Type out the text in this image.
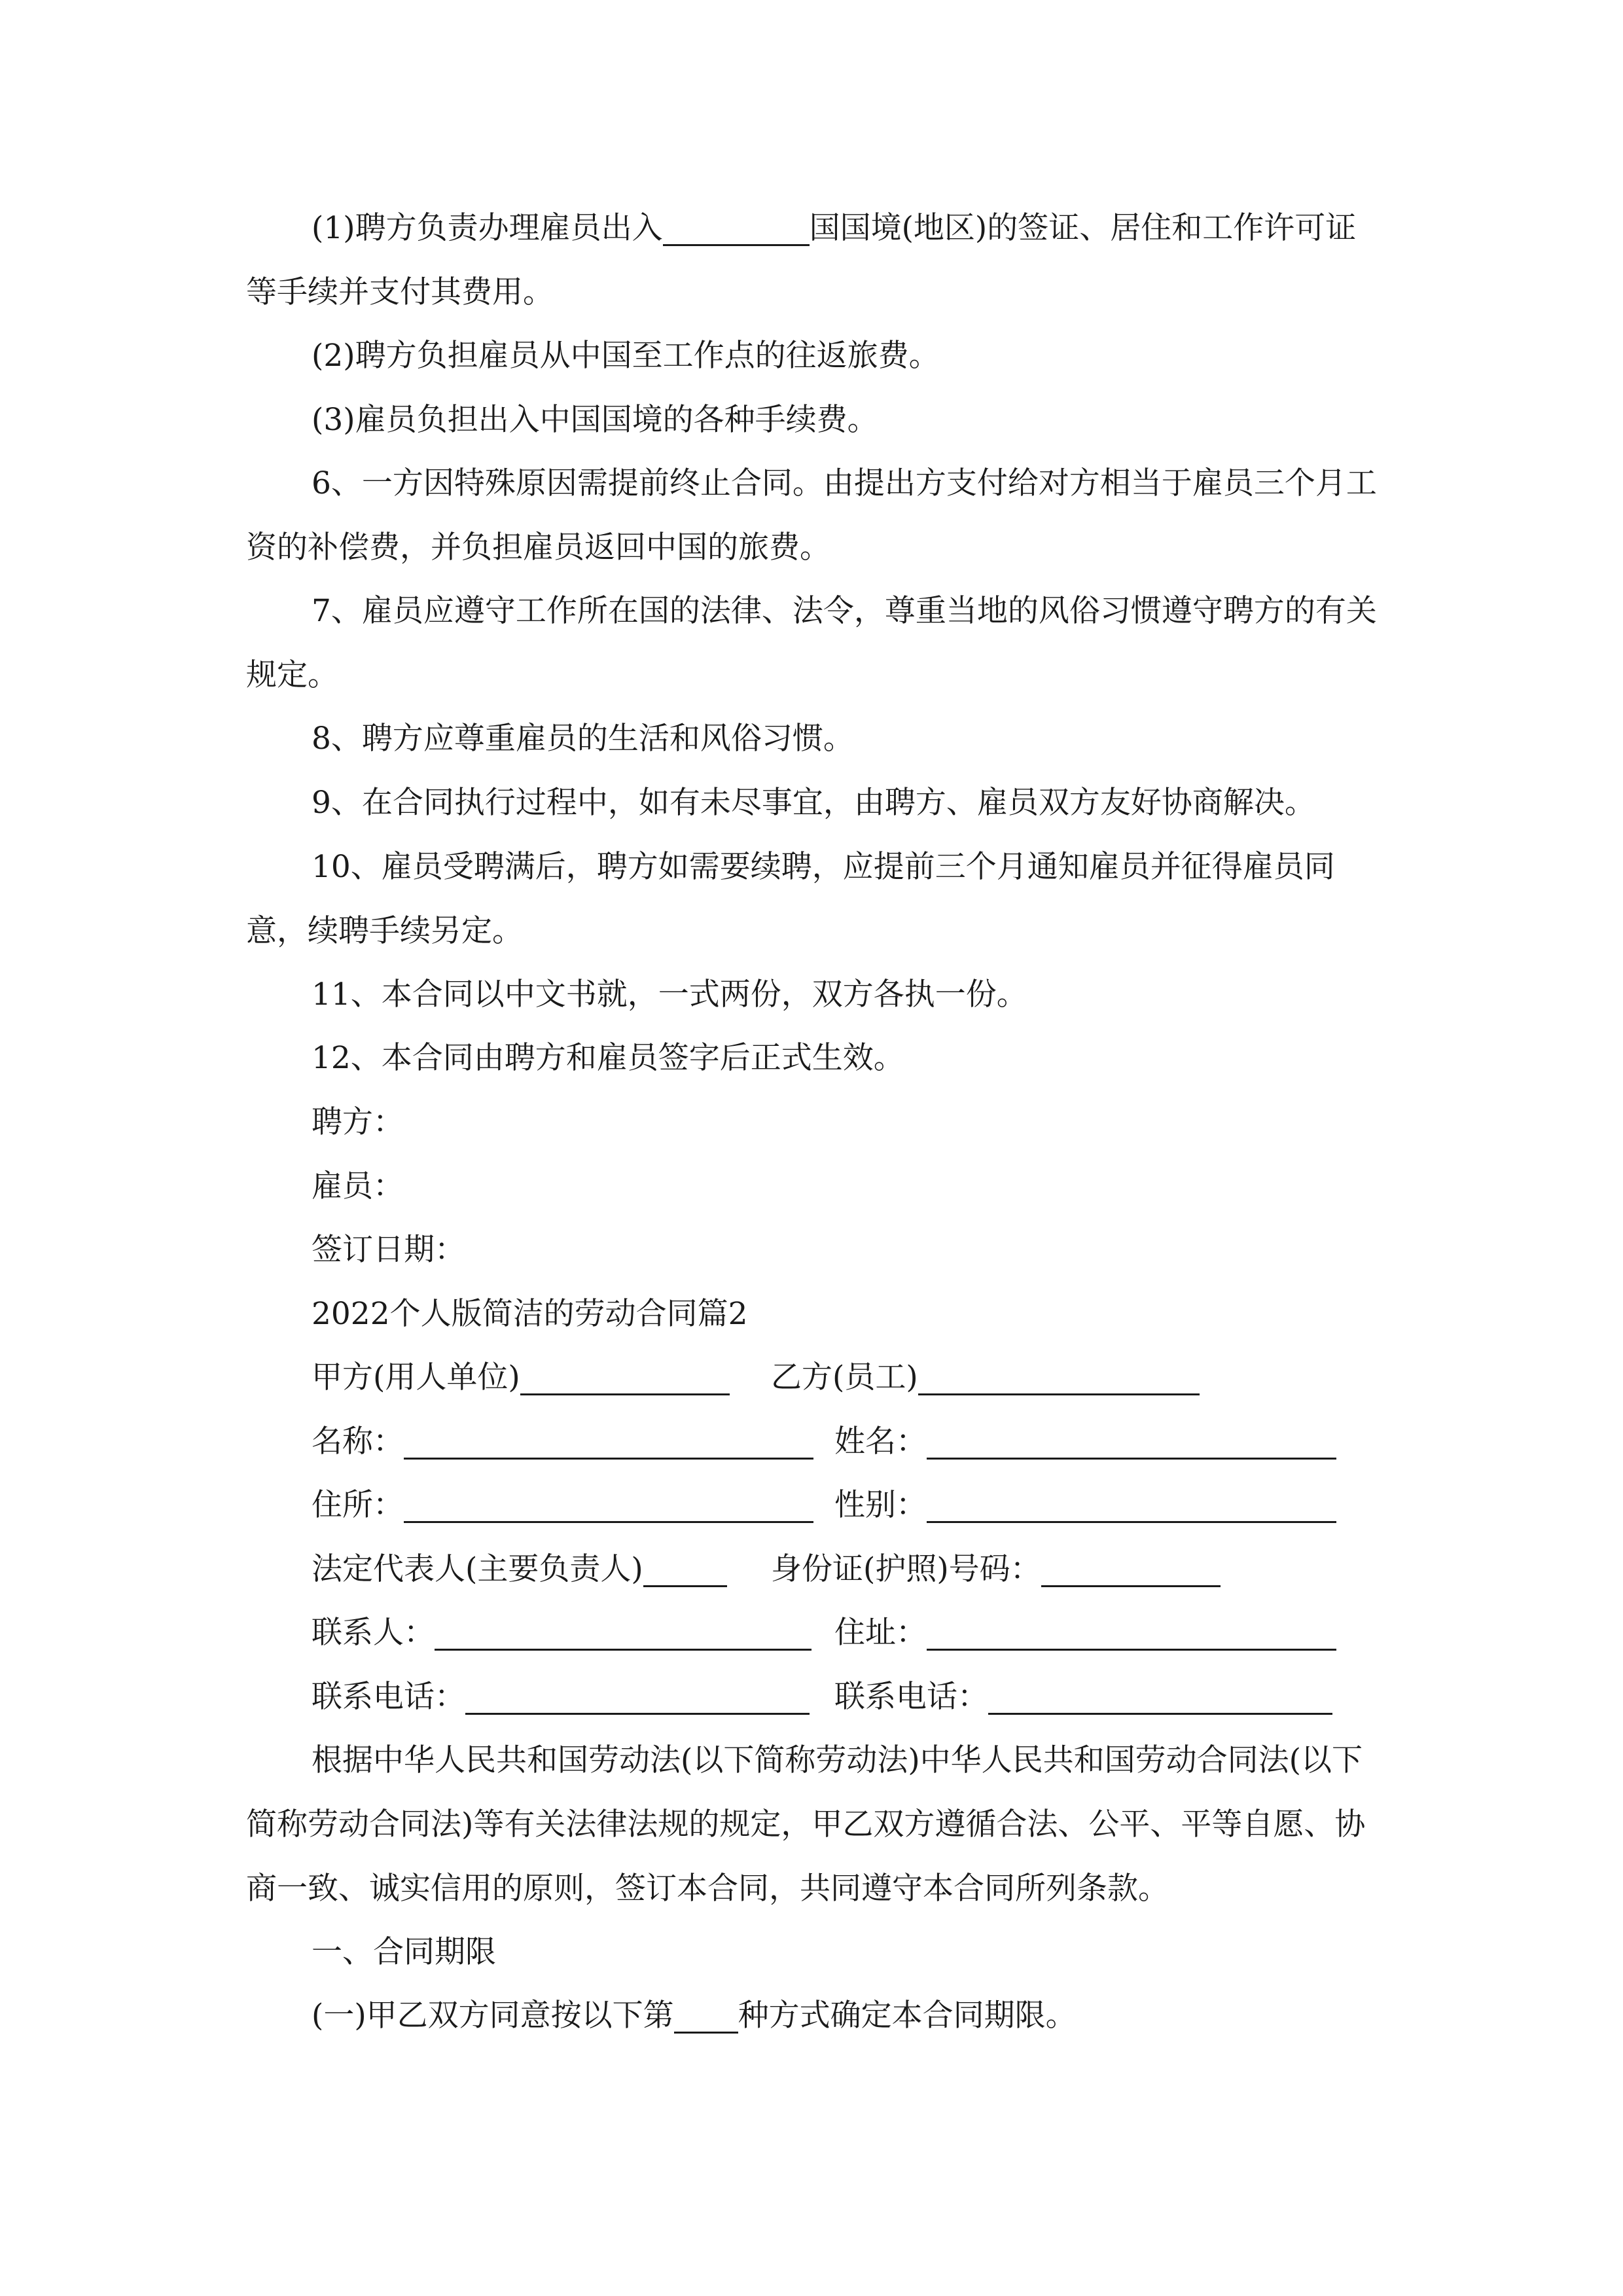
(1)聘方负责办理雇员出入	国国境(地区)的签证、居住和工作许可证等手续并支付其费用。

(2)聘方负担雇员从中国至工作点的往返旅费。
(3)雇员负担出入中国国境的各种手续费。

6、一方因特殊原因需提前终止合同。由提出方支付给对方相当于雇员三个月工资的补偿费，并负担雇员返回中国的旅费。

7、雇员应遵守工作所在国的法律、法令，尊重当地的风俗习惯遵守聘方的有关规定。

8、聘方应尊重雇员的生活和风俗习惯。
9、在合同执行过程中，如有未尽事宜，由聘方、雇员双方友好协商解决。

10、雇员受聘满后，聘方如需要续聘，应提前三个月通知雇员并征得雇员同意，续聘手续另定。

11、本合同以中文书就，一式两份，双方各执一份。
12、本合同由聘方和雇员签字后正式生效。
聘方：
雇员：
签订日期：
2022个人版简洁的劳动合同篇2
甲方(用人单位)	乙方(员工)
名称：	姓名：
住所：	性别：
法定代表人(主要负责人)	身份证(护照)号码：
联系人：	住址：
联系电话：	联系电话：

根据中华人民共和国劳动法(以下简称劳动法)中华人民共和国劳动合同法(以下简称劳动合同法)等有关法律法规的规定，甲乙双方遵循合法、公平、平等自愿、协商一致、诚实信用的原则，签订本合同，共同遵守本合同所列条款。

一、合同期限
(一)甲乙双方同意按以下第 种方式确定本合同期限。
